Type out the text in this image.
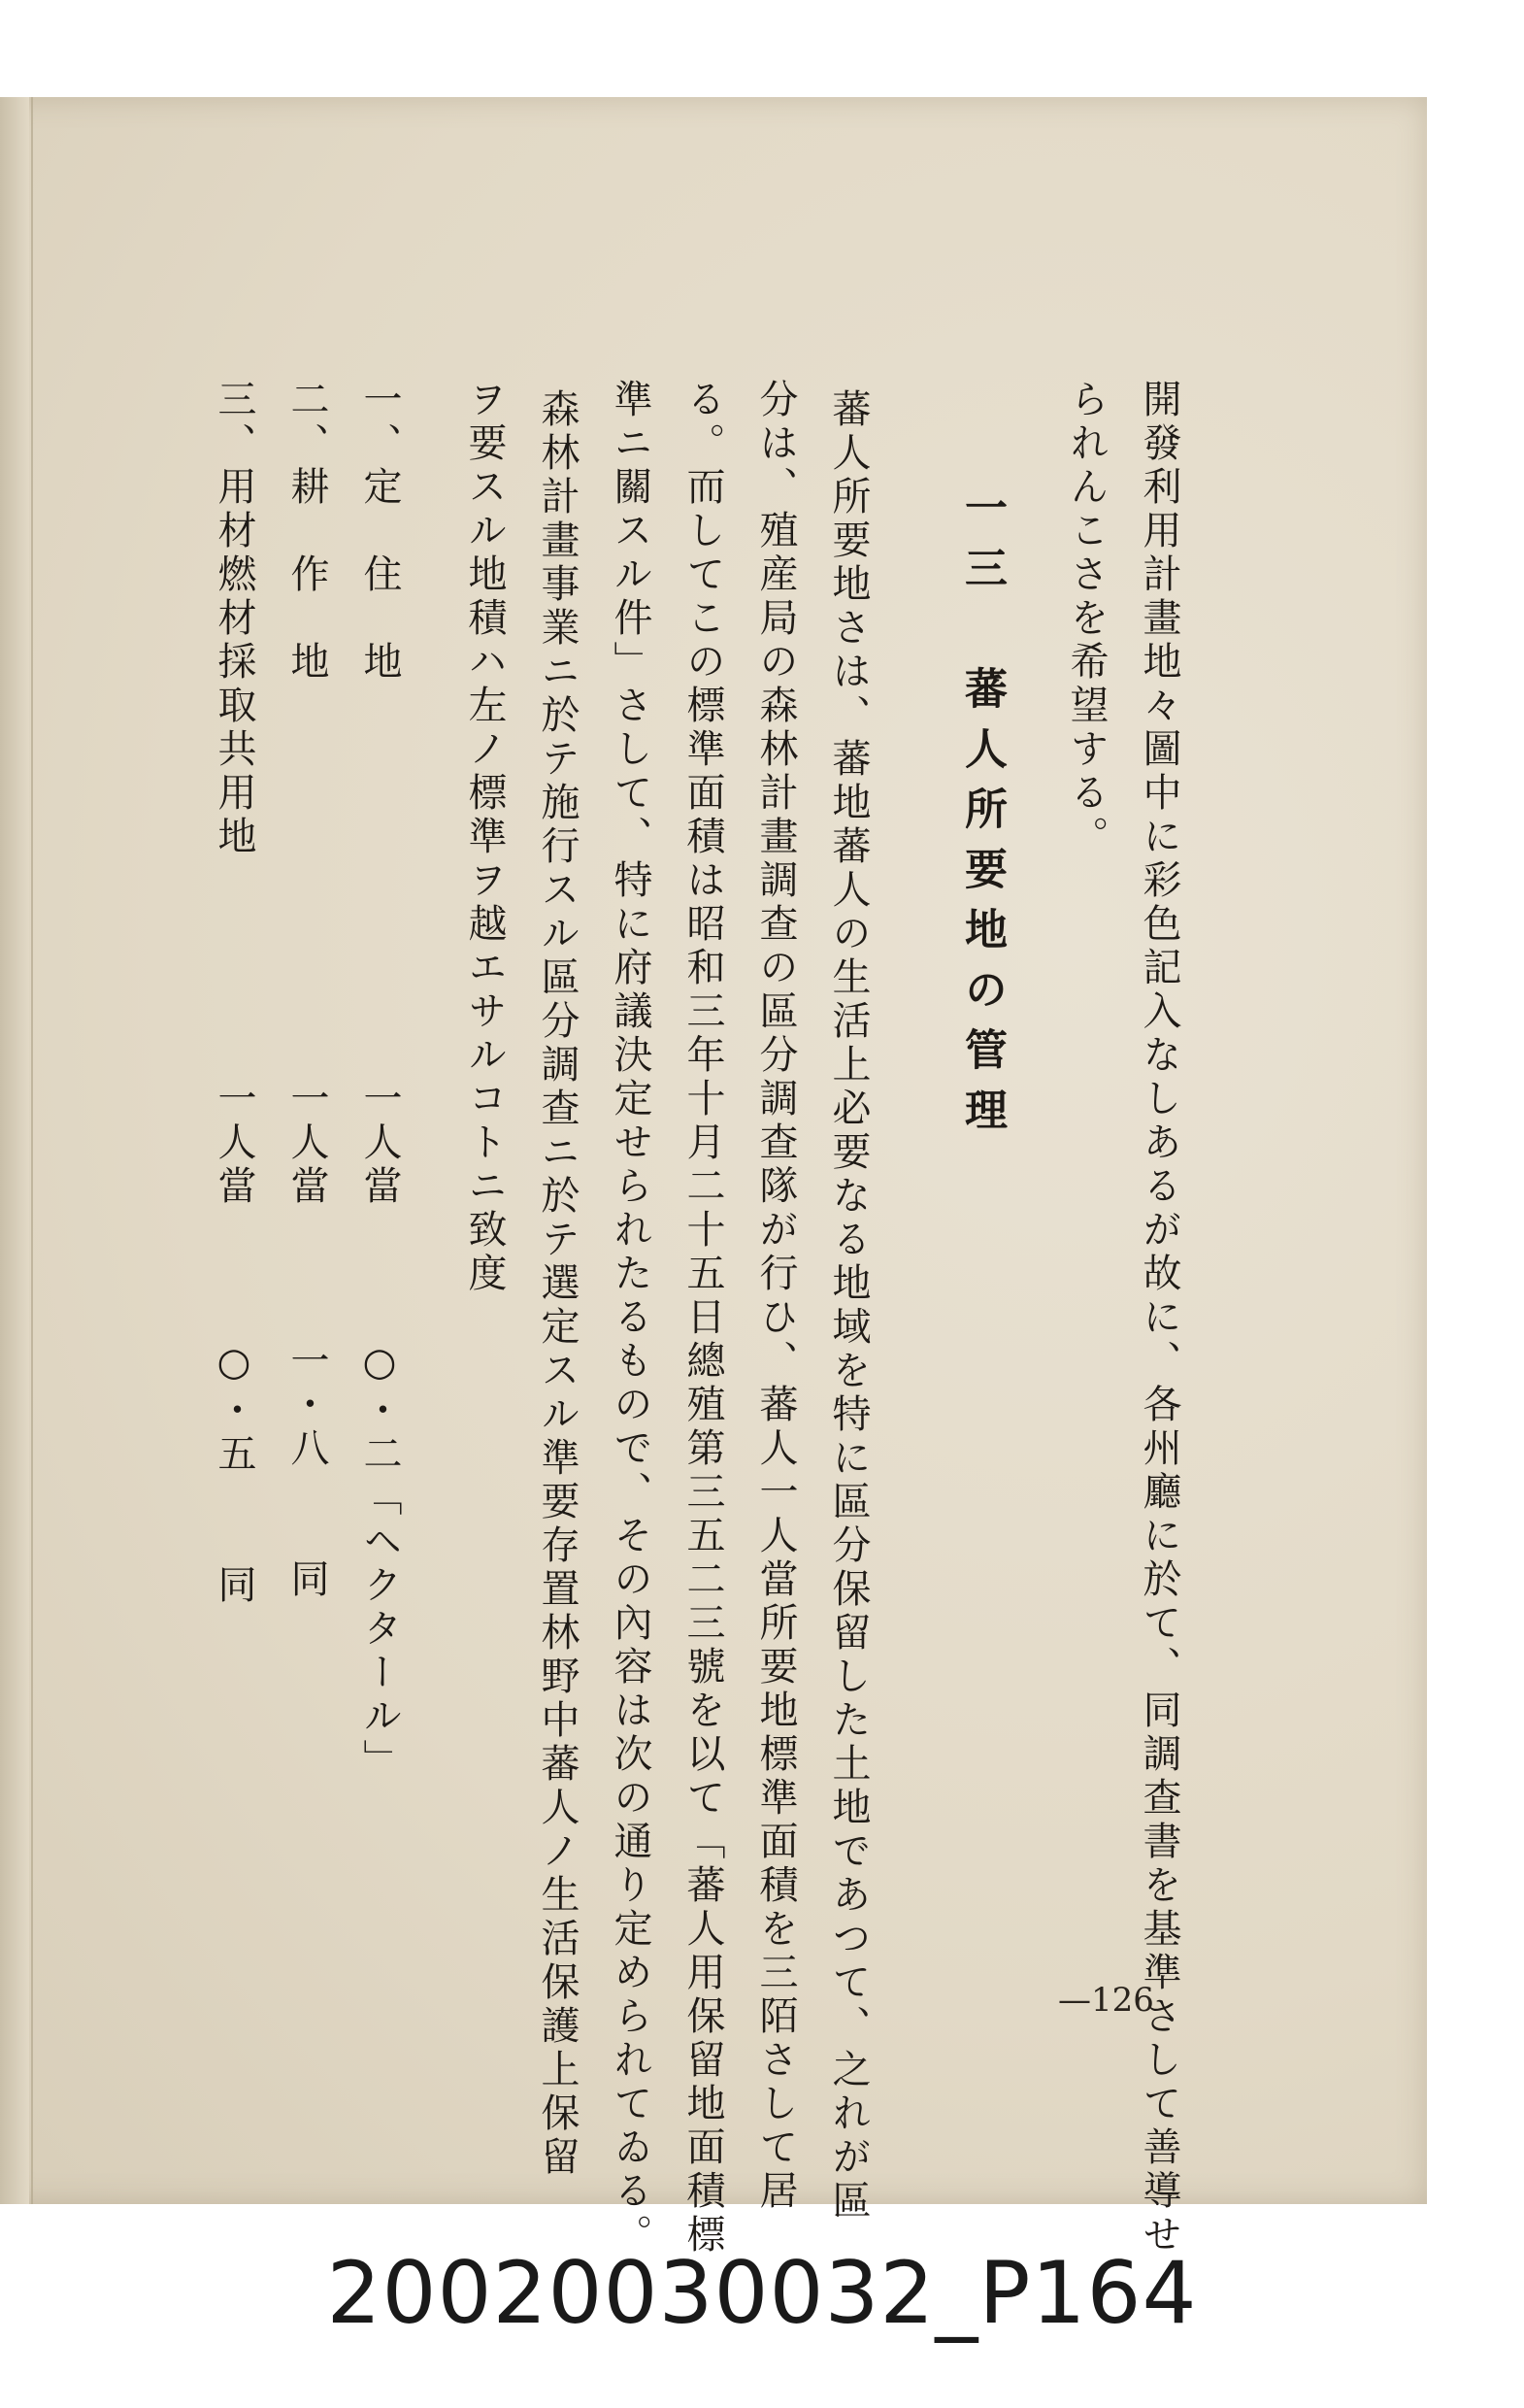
開發利用計畫地々圖中に彩色記入なしあるが故に、各州廳に於て、同調查書を基準さして善導せ
られんこさを希望する。
一三　蕃人所要地の管理
蕃人所要地さは、蕃地蕃人の生活上必要なる地域を特に區分保留した土地であつて、之れが區
分は、殖産局の森林計畫調查の區分調查隊が行ひ、蕃人一人當所要地標準面積を三陌さして居
る。而してこの標準面積は昭和三年十月二十五日總殖第三五二三號を以て「蕃人用保留地面積標
準ニ關スル件」さして、特に府議決定せられたるもので、その內容は次の通り定められてゐる。
森林計畫事業ニ於テ施行スル區分調查ニ於テ選定スル準要存置林野中蕃人ノ生活保護上保留
ヲ要スル地積ハ左ノ標準ヲ越エサルコトニ致度
一、定　住　地　　　　　　　　　一人當　　　○・二「ヘクタール」
二、耕　作　地　　　　　　　　　一人當　　　一・八　　同
三、用材燃材採取共用地　　　　　一人當　　　○・五　　同
—126
20020030032_P164
